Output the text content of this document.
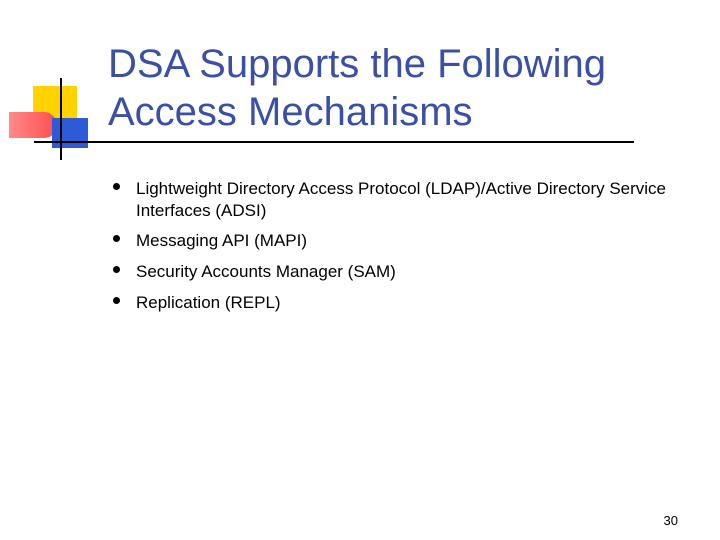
DSA Supports the Following
Access Mechanisms
Lightweight Directory Access Protocol (LDAP)/Active Directory Service Interfaces (ADSI)
Messaging API (MAPI)
Security Accounts Manager (SAM)
Replication (REPL)
30
